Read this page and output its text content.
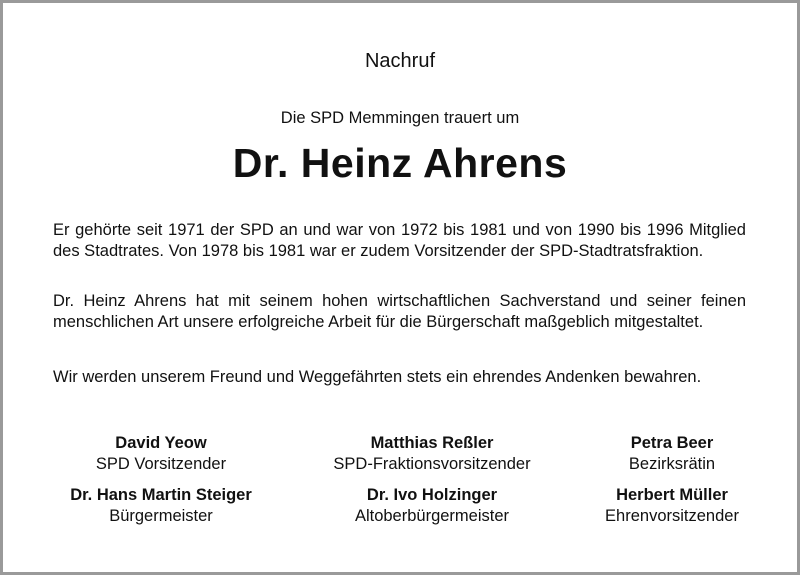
Nachruf
Die SPD Memmingen trauert um
Dr. Heinz Ahrens
Er gehörte seit 1971 der SPD an und war von 1972 bis 1981 und von 1990 bis 1996 Mitglied des Stadtrates. Von 1978 bis 1981 war er zudem Vorsitzender der SPD-Stadtratsfraktion.
Dr. Heinz Ahrens hat mit seinem hohen wirtschaftlichen Sachverstand und seiner feinen menschlichen Art unsere erfolgreiche Arbeit für die Bürgerschaft maßgeblich mitgestaltet.
Wir werden unserem Freund und Weggefährten stets ein ehrendes Andenken bewahren.
David Yeow
SPD Vorsitzender
Matthias Reßler
SPD-Fraktionsvorsitzender
Petra Beer
Bezirksrätin
Dr. Hans Martin Steiger
Bürgermeister
Dr. Ivo Holzinger
Altoberbürgermeister
Herbert Müller
Ehrenvorsitzender
